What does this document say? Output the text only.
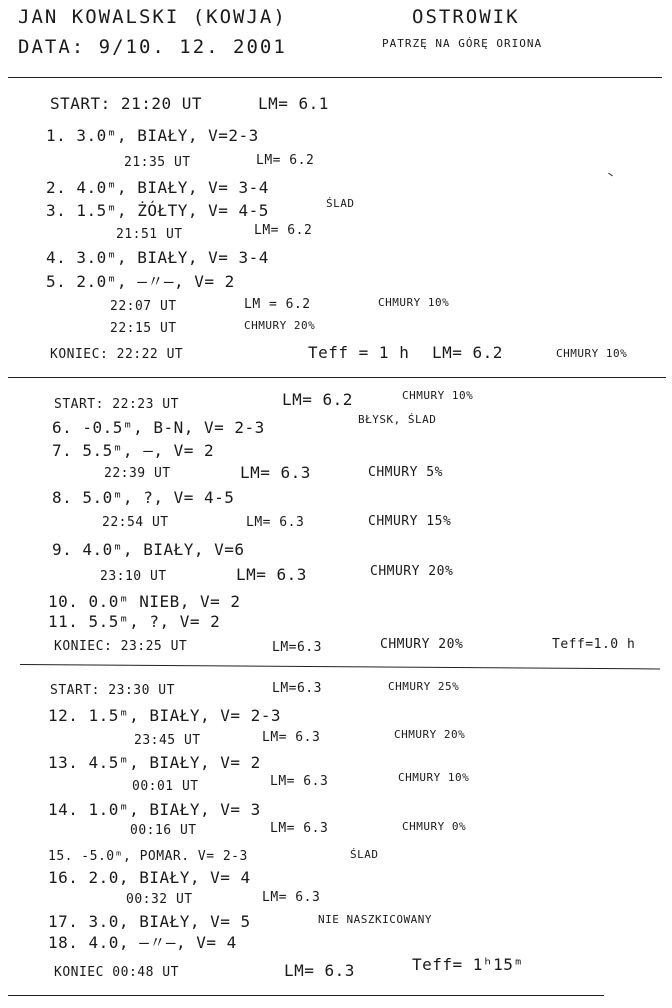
JAN KOWALSKI (KOWJA)	OSTROWIK
DATA: 9/10. 12. 2001	PATRZĘ NA GÓRĘ ORIONA
START: 21:20 UT	LM= 6.1
1. 3.0ᵐ, BIAŁY, V=2-3
21:35 UT	LM= 6.2
2. 4.0ᵐ, BIAŁY, V= 3-4
3. 1.5ᵐ, ŻÓŁTY, V= 4-5	ŚLAD
21:51 UT	LM= 6.2
4. 3.0ᵐ, BIAŁY, V= 3-4
5. 2.0ᵐ, —〃—, V= 2
22:07 UT	LM = 6.2	CHMURY 10%
22:15 UT	CHMURY 20%
KONIEC: 22:22 UT	Teff = 1 h LM= 6.2	CHMURY 10%
START: 22:23 UT	LM= 6.2	CHMURY 10%
6. -0.5ᵐ, B-N, V= 2-3	BŁYSK, ŚLAD
7. 5.5ᵐ, —, V= 2
22:39 UT	LM= 6.3	CHMURY 5%
8. 5.0ᵐ, ?, V= 4-5
22:54 UT	LM= 6.3	CHMURY 15%
9. 4.0ᵐ, BIAŁY, V=6
23:10 UT	LM= 6.3	CHMURY 20%
10. 0.0ᵐ NIEB, V= 2
11. 5.5ᵐ, ?, V= 2
KONIEC: 23:25 UT	LM=6.3	CHMURY 20%	Teff=1.0 h
START: 23:30 UT	LM=6.3	CHMURY 25%
12. 1.5ᵐ, BIAŁY, V= 2-3
23:45 UT	LM= 6.3	CHMURY 20%
13. 4.5ᵐ, BIAŁY, V= 2
00:01 UT	LM= 6.3	CHMURY 10%
14. 1.0ᵐ, BIAŁY, V= 3
00:16 UT	LM= 6.3	CHMURY 0%
15. -5.0ᵐ, POMAR. V= 2-3	ŚLAD
16. 2.0, BIAŁY, V= 4
00:32 UT	LM= 6.3
17. 3.0, BIAŁY, V= 5	NIE NASZKICOWANY
18. 4.0, —〃—, V= 4
KONIEC 00:48 UT	LM= 6.3	Teff= 1ʰ15ᵐ
